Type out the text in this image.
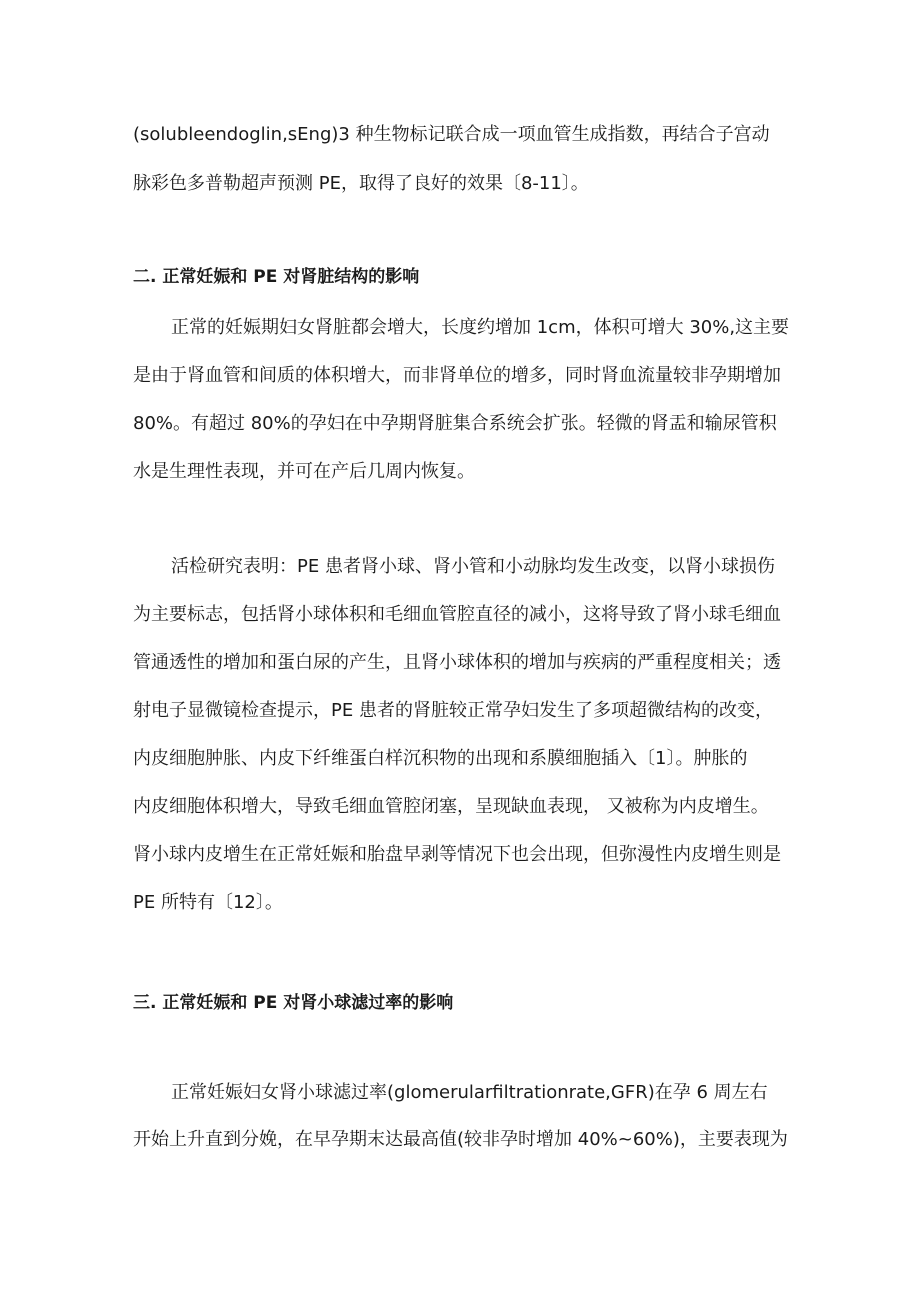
(solubleendoglin,sEng)3 种生物标记联合成一项血管生成指数，再结合子宫动
脉彩色多普勒超声预测 PE，取得了良好的效果〔8-11〕。
二. 正常妊娠和 PE 对肾脏结构的影响
正常的妊娠期妇女肾脏都会增大，长度约增加 1cm，体积可增大 30%,这主要
是由于肾血管和间质的体积增大，而非肾单位的增多，同时肾血流量较非孕期增加
80%。有超过 80%的孕妇在中孕期肾脏集合系统会扩张。轻微的肾盂和输尿管积
水是生理性表现，并可在产后几周内恢复。
活检研究表明：PE 患者肾小球、肾小管和小动脉均发生改变，以肾小球损伤
为主要标志，包括肾小球体积和毛细血管腔直径的减小，这将导致了肾小球毛细血
管通透性的增加和蛋白尿的产生，且肾小球体积的增加与疾病的严重程度相关；透
射电子显微镜检查提示，PE 患者的肾脏较正常孕妇发生了多项超微结构的改变，
内皮细胞肿胀、内皮下纤维蛋白样沉积物的出现和系膜细胞插入〔1〕。肿胀的
内皮细胞体积增大，导致毛细血管腔闭塞，呈现缺血表现， 又被称为内皮增生。
肾小球内皮增生在正常妊娠和胎盘早剥等情况下也会出现，但弥漫性内皮增生则是
PE 所特有〔12〕。
三. 正常妊娠和 PE 对肾小球滤过率的影响
正常妊娠妇女肾小球滤过率(glomerularfiltrationrate,GFR)在孕 6 周左右
开始上升直到分娩，在早孕期末达最高值(较非孕时增加 40%~60%)，主要表现为
